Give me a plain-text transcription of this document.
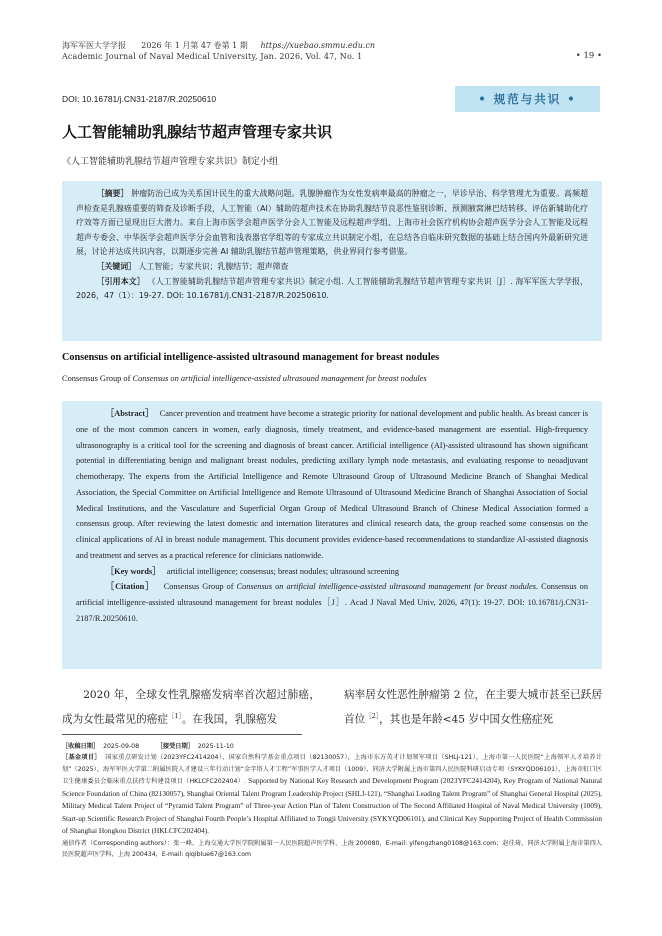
海军军医大学学报 2026 年 1 月第 47 卷第 1 期 https://xuebao.smmu.edu.cn
Academic Journal of Naval Medical University, Jan. 2026, Vol. 47, No. 1	• 19 •
DOI: 10.16781/j.CN31-2187/R.20250610	• 规范与共识 •
人工智能辅助乳腺结节超声管理专家共识
《人工智能辅助乳腺结节超声管理专家共识》制定小组

［摘要］ 肿瘤防治已成为关系国计民生的重大战略问题。乳腺肿瘤作为女性发病率最高的肿瘤之一，早诊早治、科学管理尤为重要。高频超声检查是乳腺癌重要的筛查及诊断手段，人工智能（AI）辅助的超声技术在协助乳腺结节良恶性鉴别诊断、预测腋窝淋巴结转移、评估新辅助化疗疗效等方面已显现出巨大潜力。来自上海市医学会超声医学分会人工智能及远程超声学组、上海市社会医疗机构协会超声医学分会人工智能及远程超声专委会、中华医学会超声医学分会血管和浅表器官学组等的专家成立共识制定小组，在总结各自临床研究数据的基础上结合国内外最新研究进展，讨论并达成共识内容，以期逐步完善 AI 辅助乳腺结节超声管理策略，供业界同行参考借鉴。

［关键词］ 人工智能；专家共识；乳腺结节；超声筛查

［引用本文］ 《人工智能辅助乳腺结节超声管理专家共识》制定小组. 人工智能辅助乳腺结节超声管理专家共识［J］. 海军军医大学学报，2026，47（1）：19-27. DOI: 10.16781/j.CN31-2187/R.20250610.

Consensus on artificial intelligence-assisted ultrasound management for breast nodules
Consensus Group of Consensus on artificial intelligence-assisted ultrasound management for breast nodules

［Abstract］ Cancer prevention and treatment have become a strategic priority for national development and public health. As breast cancer is one of the most common cancers in women, early diagnosis, timely treatment, and evidence-based management are essential. High-frequency ultrasonography is a critical tool for the screening and diagnosis of breast cancer. Artificial intelligence (AI)-assisted ultrasound has shown significant potential in differentiating benign and malignant breast nodules, predicting axillary lymph node metastasis, and evaluating response to neoadjuvant chemotherapy. The experts from the Artificial Intelligence and Remote Ultrasound Group of Ultrasound Medicine Branch of Shanghai Medical Association, the Special Committee on Artificial Intelligence and Remote Ultrasound of Ultrasound Medicine Branch of Shanghai Association of Social Medical Institutions, and the Vasculature and Superficial Organ Group of Medical Ultrasound Branch of Chinese Medical Association formed a consensus group. After reviewing the latest domestic and internation literatures and clinical research data, the group reached some consensus on the clinical applications of AI in breast nodule management. This document provides evidence-based recommendations to standardize AI-assisted diagnosis and treatment and serves as a practical reference for clinicians nationwide.

［Key words］ artificial intelligence; consensus; breast nodules; ultrasound screening

［Citation］ Consensus Group of Consensus on artificial intelligence-assisted ultrasound management for breast nodules. Consensus on artificial intelligence-assisted ultrasound management for breast nodules［J］. Acad J Naval Med Univ, 2026, 47(1): 19-27. DOI: 10.16781/j.CN31-2187/R.20250610.

2020 年，全球女性乳腺癌发病率首次超过肺癌，成为女性最常见的癌症$^{[1]}$。在我国，乳腺癌发
病率居女性恶性肿瘤第 2 位，在主要大城市甚至已跃居首位$^{[2]}$，其也是年龄<45 岁中国女性癌症死
［收稿日期］ 2025-09-08	［接受日期］ 2025-11-10
［基金项目］ 国家重点研发计划（2023YFC2414204），国家自然科学基金重点项目（82130057），上海市东方英才计划领军项目（SHLJ-121），上海市第一人民医院“上海领军人才培养计划”（2025），海军军医大学第二附属医院人才建设三年行动计划“金字塔人才工程”军事医学人才项目（1009），同济大学附属上海市第四人民医院科研启动专项（SYKYQD06101），上海市虹口区卫生健康委员会临床重点扶持专科建设项目（HKLCFC202404）. Supported by National Key Research and Development Program (2023YFC2414204), Key Program of National Natural Science Foundation of China (82130057), Shanghai Oriental Talent Program Leadership Project (SHLJ-121), “Shanghai Leading Talent Program” of Shanghai General Hospital (2025), Military Medical Talent Project of “Pyramid Talent Program” of Three-year Action Plan of Talent Construction of The Second Affiliated Hospital of Naval Medical University (1009), Start-up Scientific Research Project of Shanghai Fourth People’s Hospital Affiliated to Tongji University (SYKYQD06101), and Clinical Key Supporting Project of Health Commission of Shanghai Hongkou District (HKLCFC202404).
通信作者（Corresponding authors）：张一峰，上海交通大学医学院附属第一人民医院超声医学科，上海 200080，E-mail: yifengzhang0108@163.com；赵佳琦，同济大学附属上海市第四人民医院超声医学科，上海 200434，E-mail: qiqiblue67@163.com
